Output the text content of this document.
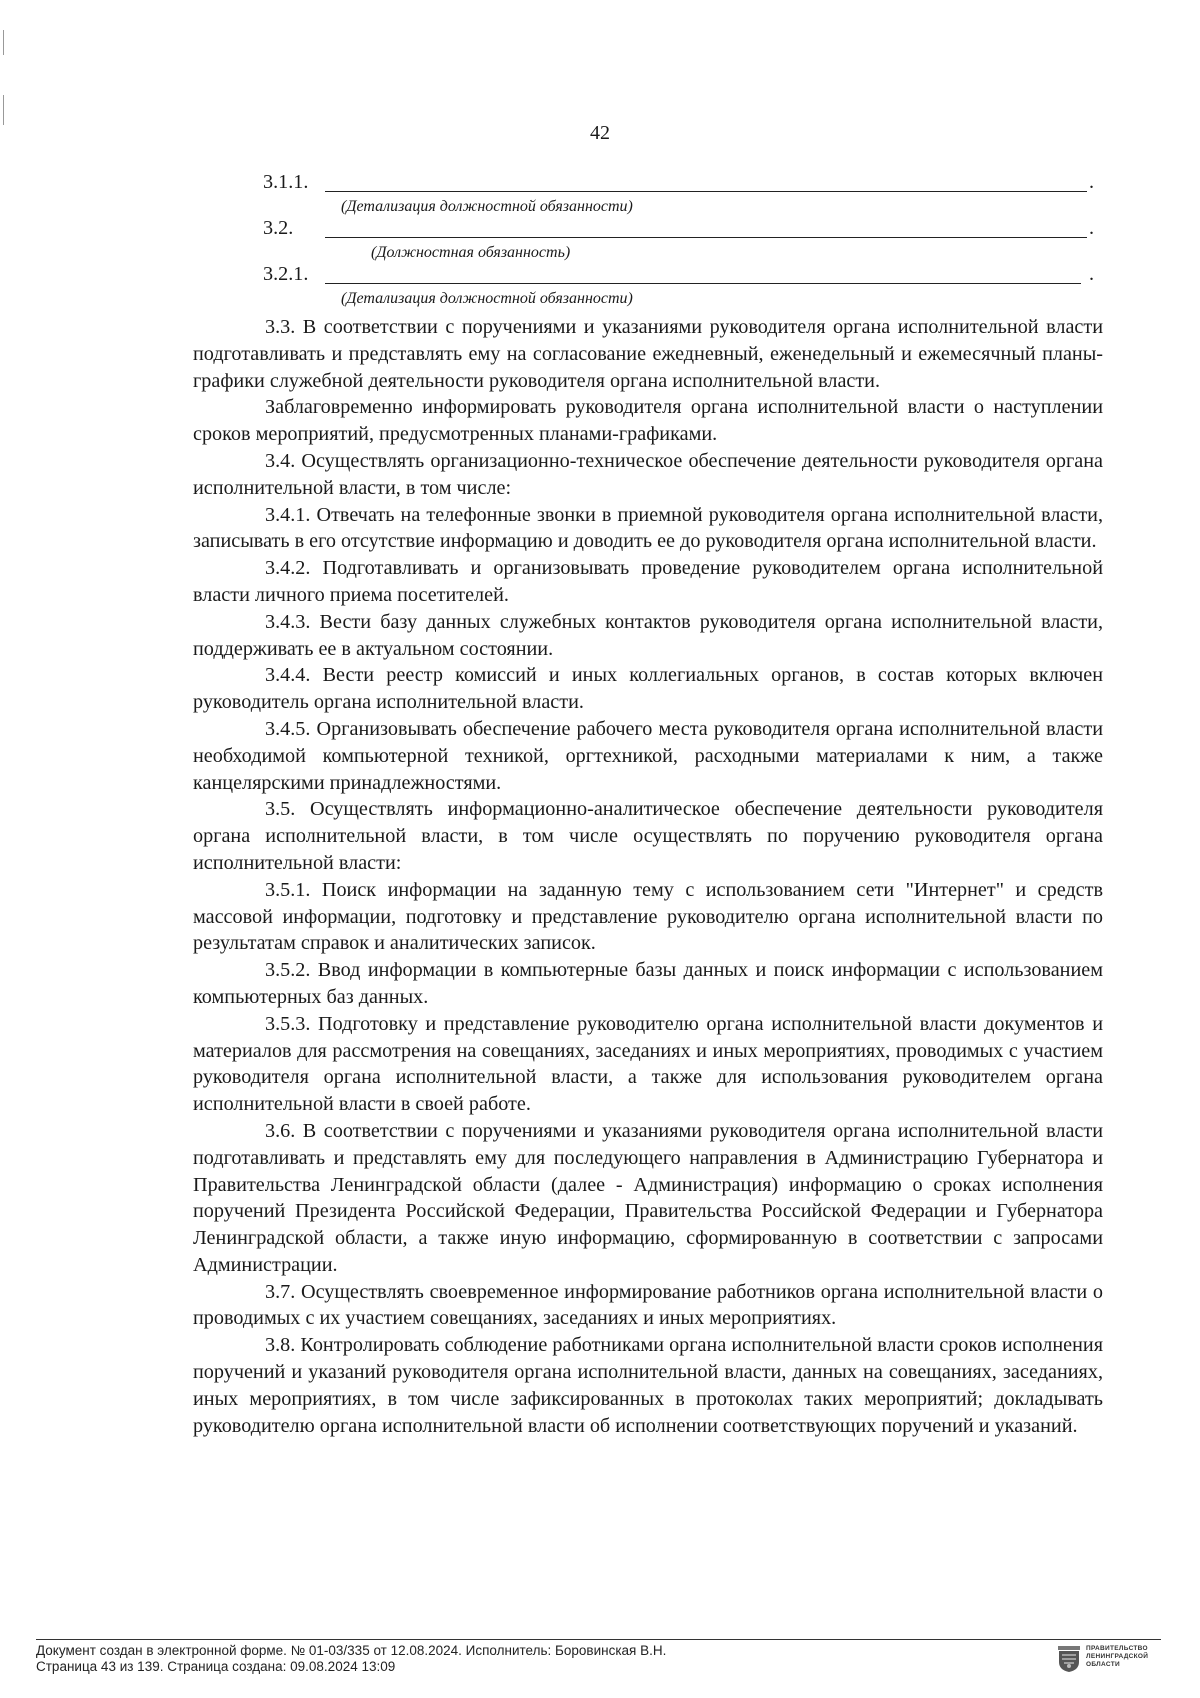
42
3.1.1.	.
(Детализация должностной обязанности)
3.2.	.
(Должностная обязанность)
3.2.1.	.
(Детализация должностной обязанности)

3.3. В соответствии с поручениями и указаниями руководителя органа исполнительной власти подготавливать и представлять ему на согласование ежедневный, еженедельный и ежемесячный планы-графики служебной деятельности руководителя органа исполнительной власти.

Заблаговременно информировать руководителя органа исполнительной власти о наступлении сроков мероприятий, предусмотренных планами-графиками.

3.4. Осуществлять организационно-техническое обеспечение деятельности руководителя органа исполнительной власти, в том числе:

3.4.1. Отвечать на телефонные звонки в приемной руководителя органа исполнительной власти, записывать в его отсутствие информацию и доводить ее до руководителя органа исполнительной власти.

3.4.2. Подготавливать и организовывать проведение руководителем органа исполнительной власти личного приема посетителей.

3.4.3. Вести базу данных служебных контактов руководителя органа исполнительной власти, поддерживать ее в актуальном состоянии.

3.4.4. Вести реестр комиссий и иных коллегиальных органов, в состав которых включен руководитель органа исполнительной власти.

3.4.5. Организовывать обеспечение рабочего места руководителя органа исполнительной власти необходимой компьютерной техникой, оргтехникой, расходными материалами к ним, а также канцелярскими принадлежностями.

3.5. Осуществлять информационно-аналитическое обеспечение деятельности руководителя органа исполнительной власти, в том числе осуществлять по поручению руководителя органа исполнительной власти:

3.5.1. Поиск информации на заданную тему с использованием сети "Интернет" и средств массовой информации, подготовку и представление руководителю органа исполнительной власти по результатам справок и аналитических записок.

3.5.2. Ввод информации в компьютерные базы данных и поиск информации с использованием компьютерных баз данных.

3.5.3. Подготовку и представление руководителю органа исполнительной власти документов и материалов для рассмотрения на совещаниях, заседаниях и иных мероприятиях, проводимых с участием руководителя органа исполнительной власти, а также для использования руководителем органа исполнительной власти в своей работе.

3.6. В соответствии с поручениями и указаниями руководителя органа исполнительной власти подготавливать и представлять ему для последующего направления в Администрацию Губернатора и Правительства Ленинградской области (далее - Администрация) информацию о сроках исполнения поручений Президента Российской Федерации, Правительства Российской Федерации и Губернатора Ленинградской области, а также иную информацию, сформированную в соответствии с запросами Администрации.

3.7. Осуществлять своевременное информирование работников органа исполнительной власти о проводимых с их участием совещаниях, заседаниях и иных мероприятиях.

3.8. Контролировать соблюдение работниками органа исполнительной власти сроков исполнения поручений и указаний руководителя органа исполнительной власти, данных на совещаниях, заседаниях, иных мероприятиях, в том числе зафиксированных в протоколах таких мероприятий; докладывать руководителю органа исполнительной власти об исполнении соответствующих поручений и указаний.

Документ создан в электронной форме. № 01-03/335 от 12.08.2024. Исполнитель: Боровинская В.Н.
Страница 43 из 139. Страница создана: 09.08.2024 13:09
ПРАВИТЕЛЬСТВО
ЛЕНИНГРАДСКОЙ
ОБЛАСТИ
